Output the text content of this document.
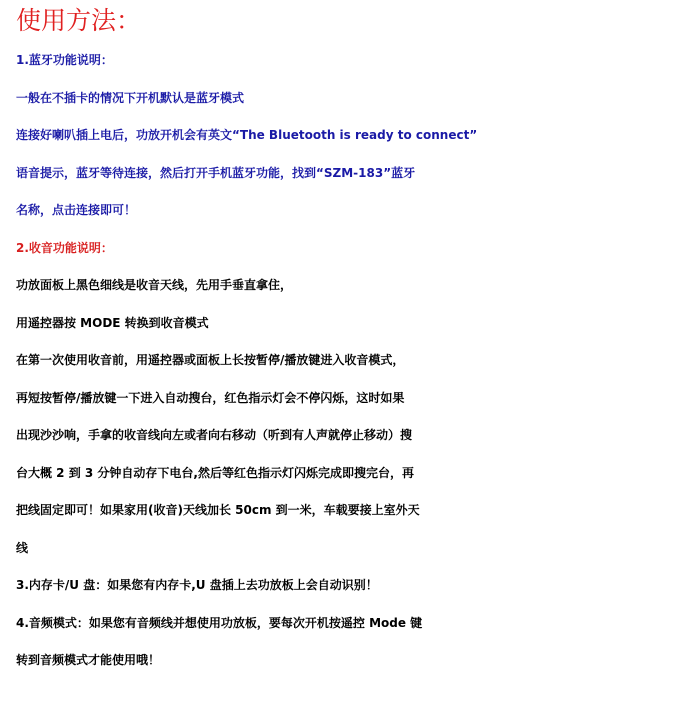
使用方法：
1.蓝牙功能说明：
一般在不插卡的情况下开机默认是蓝牙模式
连接好喇叭插上电后，功放开机会有英文“The Bluetooth is ready to connect”
语音提示，蓝牙等待连接，然后打开手机蓝牙功能，找到“SZM-183”蓝牙
名称，点击连接即可！
2.收音功能说明：
功放面板上黑色细线是收音天线，先用手垂直拿住，
用遥控器按 MODE 转换到收音模式
在第一次使用收音前，用遥控器或面板上长按暂停/播放键进入收音模式，
再短按暂停/播放键一下进入自动搜台，红色指示灯会不停闪烁，这时如果
出现沙沙响，手拿的收音线向左或者向右移动（听到有人声就停止移动）搜
台大概 2 到 3 分钟自动存下电台,然后等红色指示灯闪烁完成即搜完台，再
把线固定即可！如果家用(收音)天线加长 50cm 到一米，车载要接上室外天
线
3.内存卡/U 盘：如果您有内存卡,U 盘插上去功放板上会自动识别！
4.音频模式：如果您有音频线并想使用功放板，要每次开机按遥控 Mode 键
转到音频模式才能使用哦！
